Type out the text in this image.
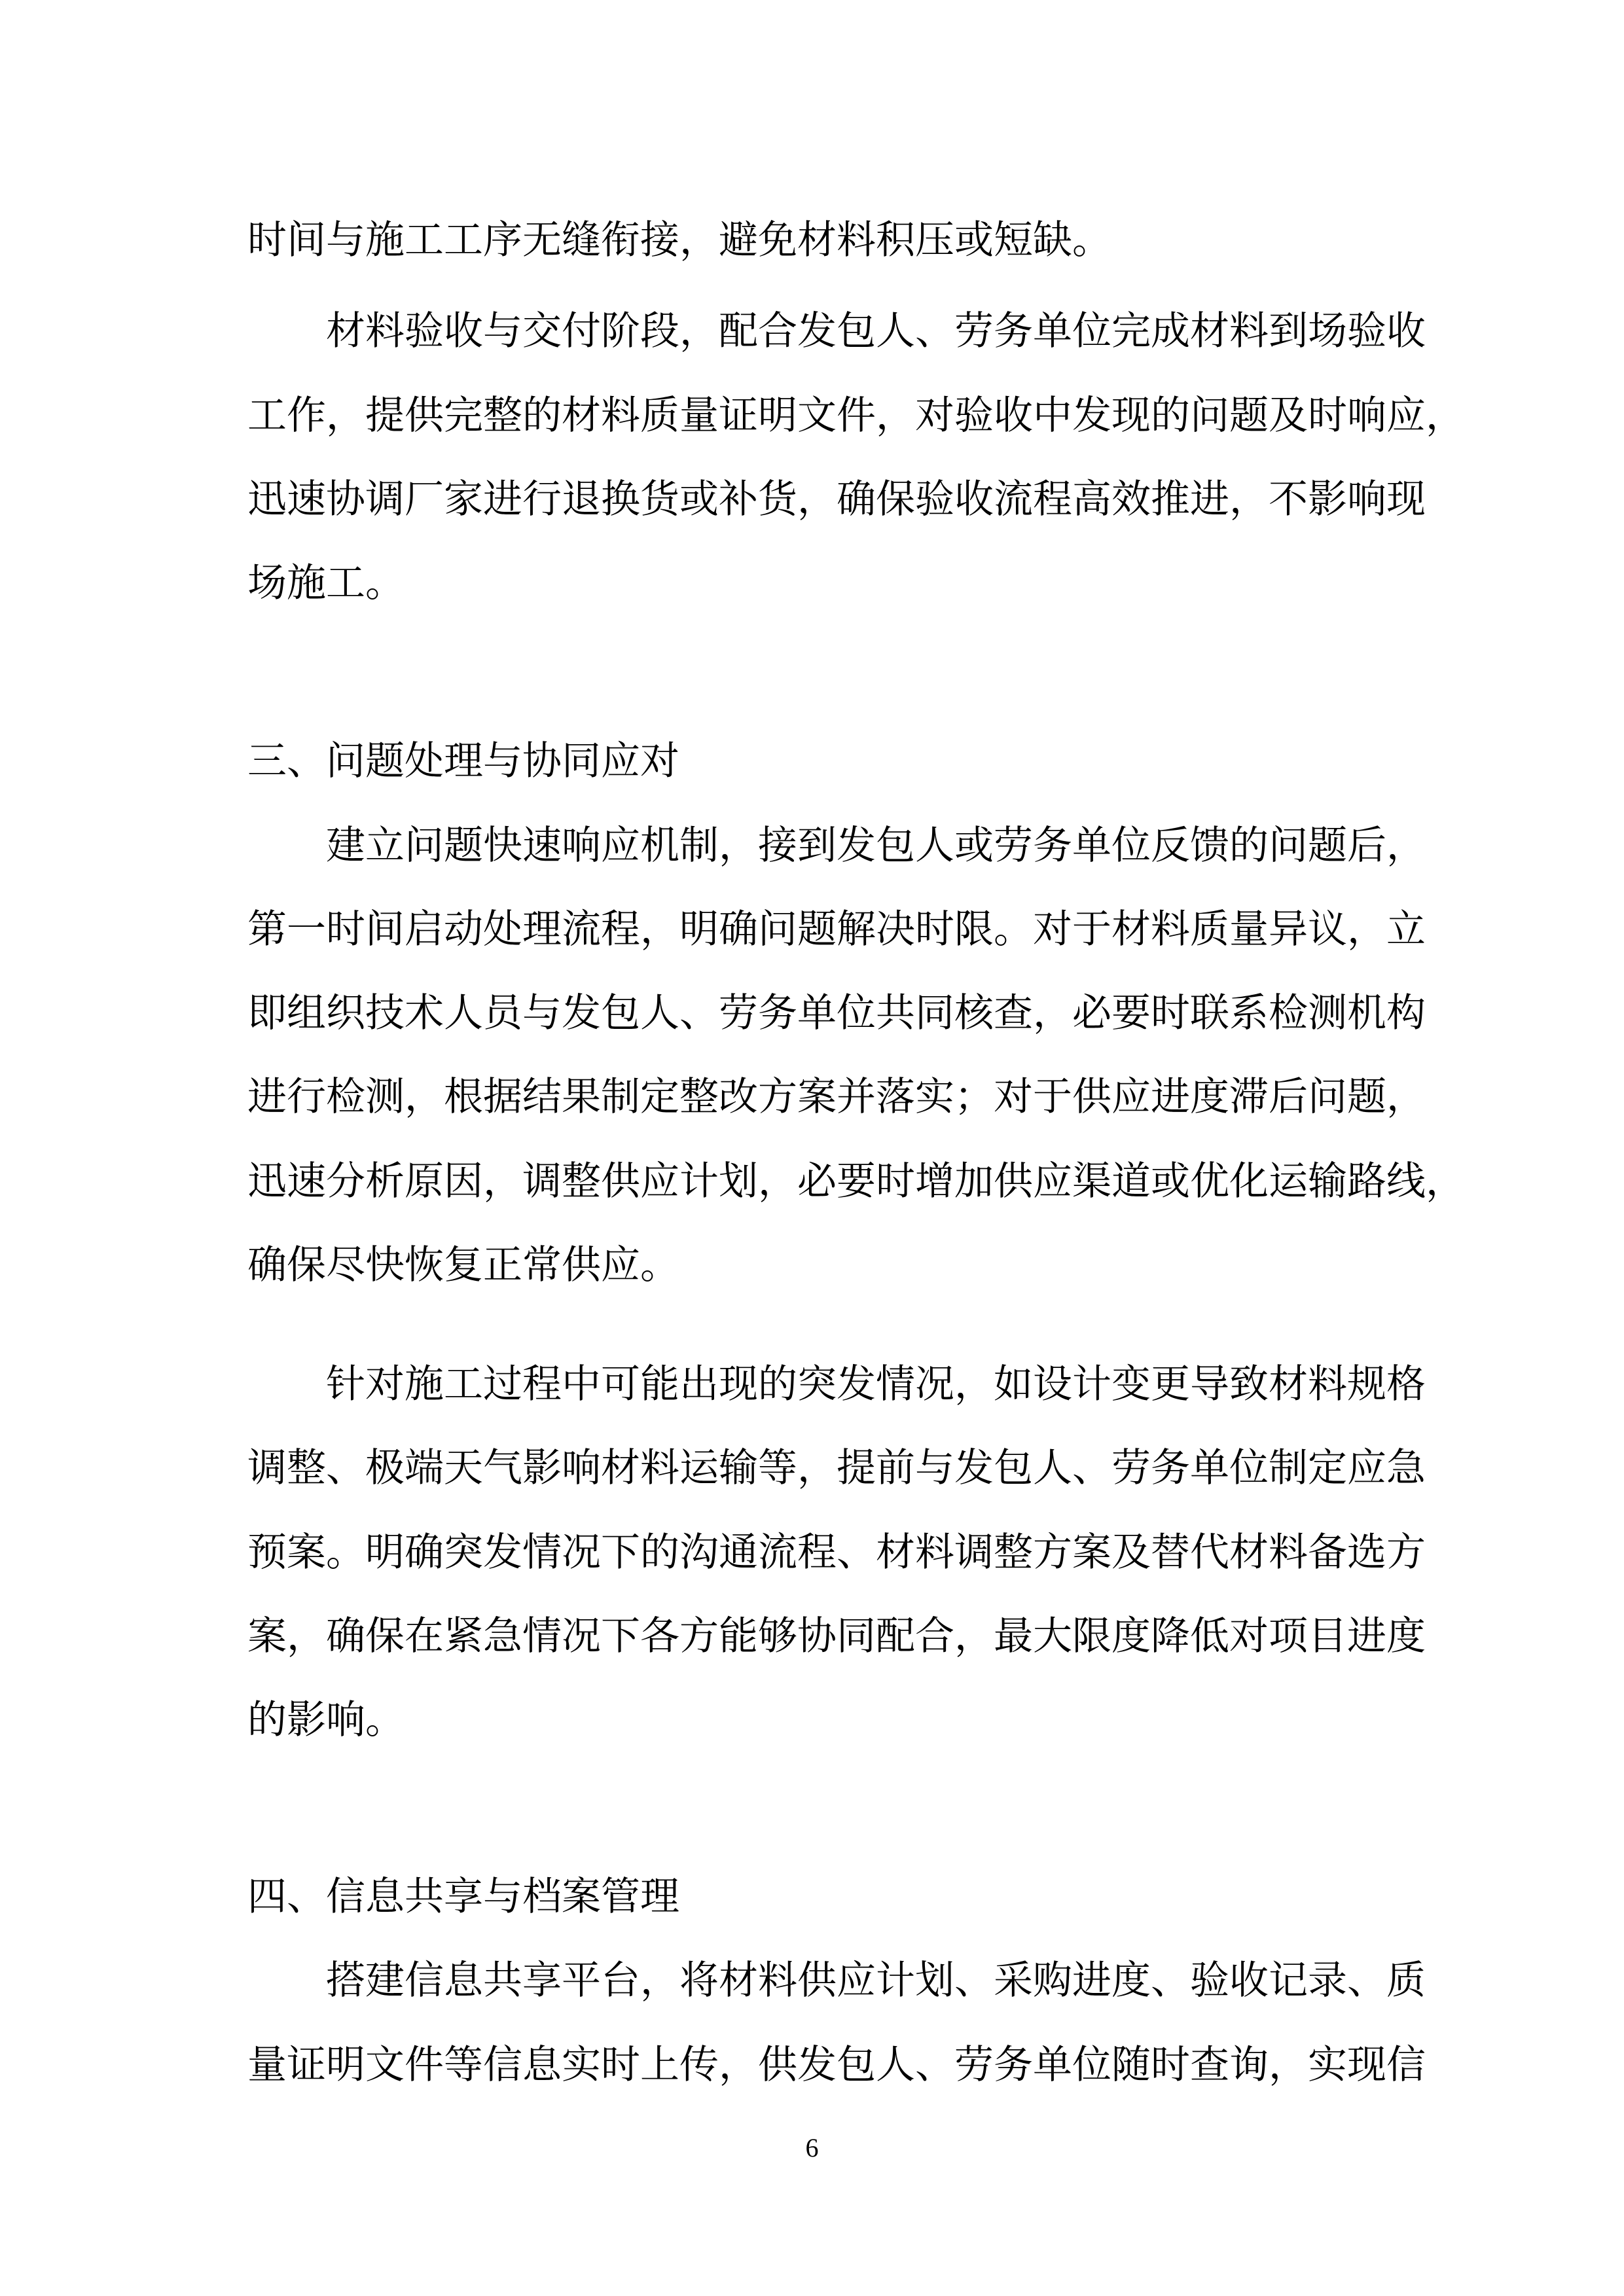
时间与施工工序无缝衔接，避免材料积压或短缺。
材料验收与交付阶段，配合发包人、劳务单位完成材料到场验收
工作，提供完整的材料质量证明文件，对验收中发现的问题及时响应，
迅速协调厂家进行退换货或补货，确保验收流程高效推进，不影响现
场施工。
三、问题处理与协同应对
建立问题快速响应机制，接到发包人或劳务单位反馈的问题后，
第一时间启动处理流程，明确问题解决时限。对于材料质量异议，立
即组织技术人员与发包人、劳务单位共同核查，必要时联系检测机构
进行检测，根据结果制定整改方案并落实；对于供应进度滞后问题，
迅速分析原因，调整供应计划，必要时增加供应渠道或优化运输路线，
确保尽快恢复正常供应。
针对施工过程中可能出现的突发情况，如设计变更导致材料规格
调整、极端天气影响材料运输等，提前与发包人、劳务单位制定应急
预案。明确突发情况下的沟通流程、材料调整方案及替代材料备选方
案，确保在紧急情况下各方能够协同配合，最大限度降低对项目进度
的影响。
四、信息共享与档案管理
搭建信息共享平台，将材料供应计划、采购进度、验收记录、质
量证明文件等信息实时上传，供发包人、劳务单位随时查询，实现信
6
